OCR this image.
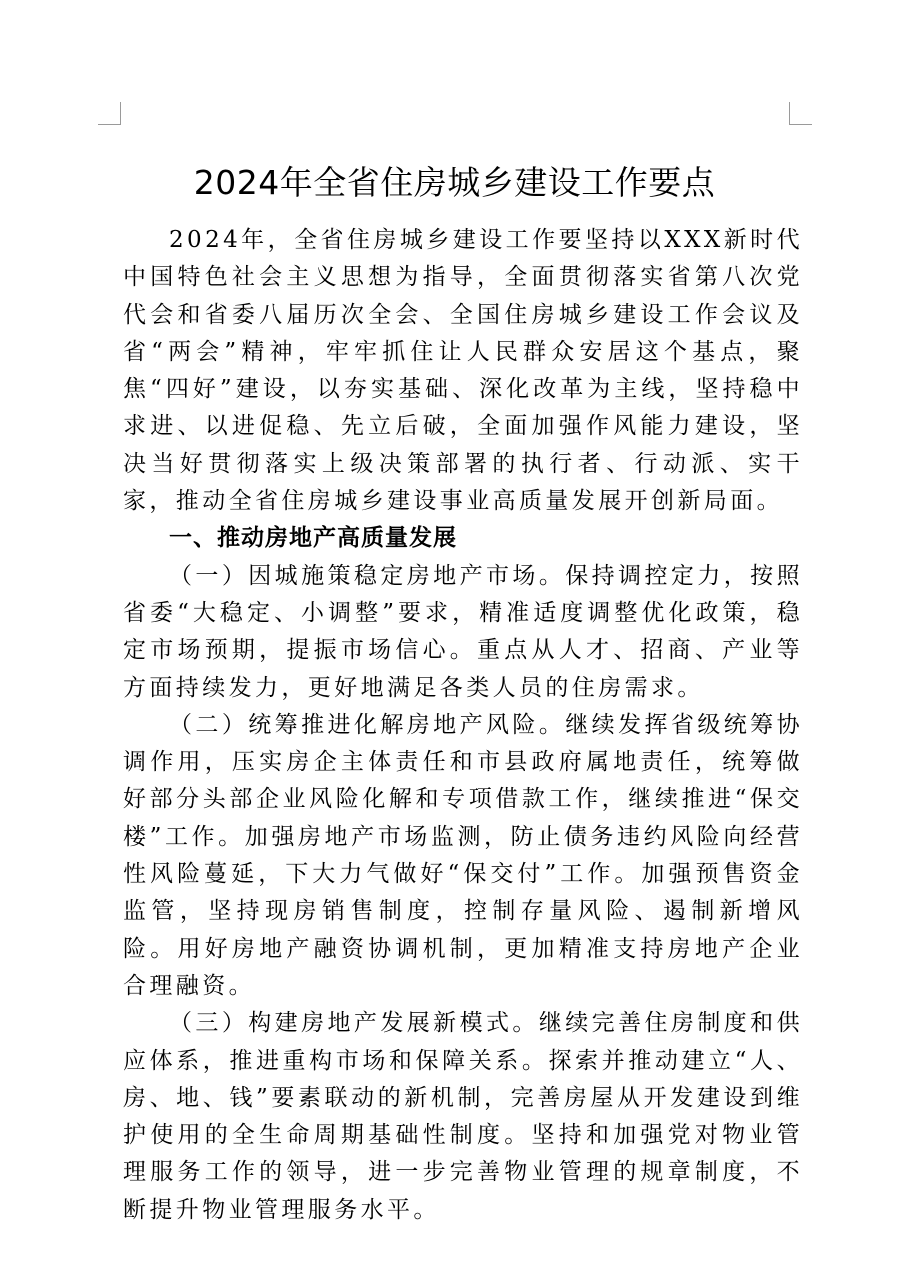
2024年全省住房城乡建设工作要点

2024年，全省住房城乡建设工作要坚持以XXX新时代中国特色社会主义思想为指导，全面贯彻落实省第八次党代会和省委八届历次全会、全国住房城乡建设工作会议及省“两会”精神，牢牢抓住让人民群众安居这个基点，聚焦“四好”建设，以夯实基础、深化改革为主线，坚持稳中求进、以进促稳、先立后破，全面加强作风能力建设，坚决当好贯彻落实上级决策部署的执行者、行动派、实干家，推动全省住房城乡建设事业高质量发展开创新局面。

一、推动房地产高质量发展

（一）因城施策稳定房地产市场。保持调控定力，按照省委“大稳定、小调整”要求，精准适度调整优化政策，稳定市场预期，提振市场信心。重点从人才、招商、产业等方面持续发力，更好地满足各类人员的住房需求。

（二）统筹推进化解房地产风险。继续发挥省级统筹协调作用，压实房企主体责任和市县政府属地责任，统筹做好部分头部企业风险化解和专项借款工作，继续推进“保交楼”工作。加强房地产市场监测，防止债务违约风险向经营性风险蔓延，下大力气做好“保交付”工作。加强预售资金监管，坚持现房销售制度，控制存量风险、遏制新增风险。用好房地产融资协调机制，更加精准支持房地产企业合理融资。

（三）构建房地产发展新模式。继续完善住房制度和供应体系，推进重构市场和保障关系。探索并推动建立“人、房、地、钱”要素联动的新机制，完善房屋从开发建设到维护使用的全生命周期基础性制度。坚持和加强党对物业管理服务工作的领导，进一步完善物业管理的规章制度，不断提升物业管理服务水平。
